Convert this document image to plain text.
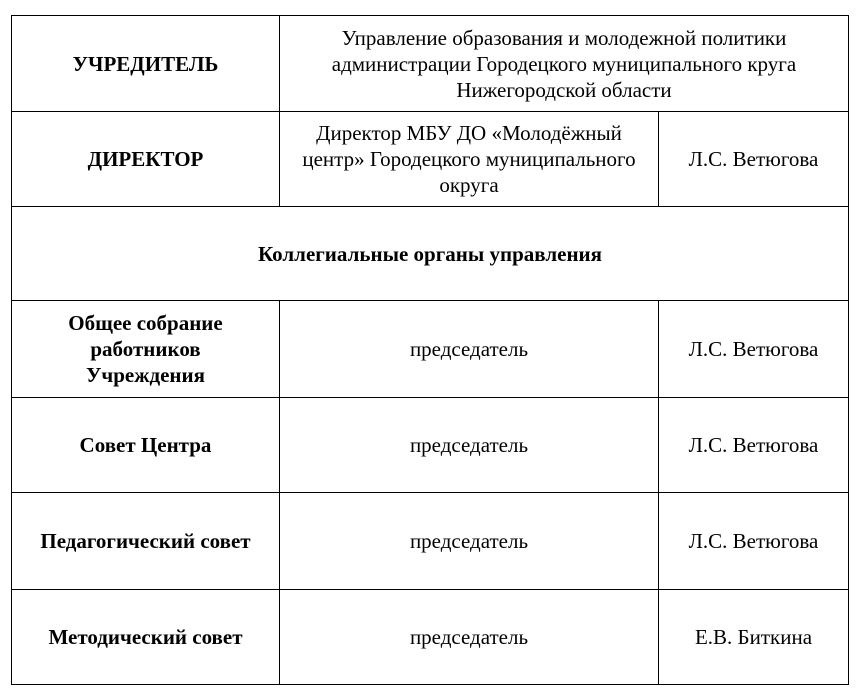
УЧРЕДИТЕЛЬ	Управление образования и молодежной политики администрации Городецкого муниципального круга Нижегородской области	
ДИРЕКТОР	Директор МБУ ДО «Молодёжный центр» Городецкого муниципального округа	Л.С. Ветюгова
Коллегиальные органы управления		
Общее собрание работников Учреждения	председатель	Л.С. Ветюгова
Совет Центра	председатель	Л.С. Ветюгова
Педагогический совет	председатель	Л.С. Ветюгова
Методический совет	председатель	Е.В. Биткина
